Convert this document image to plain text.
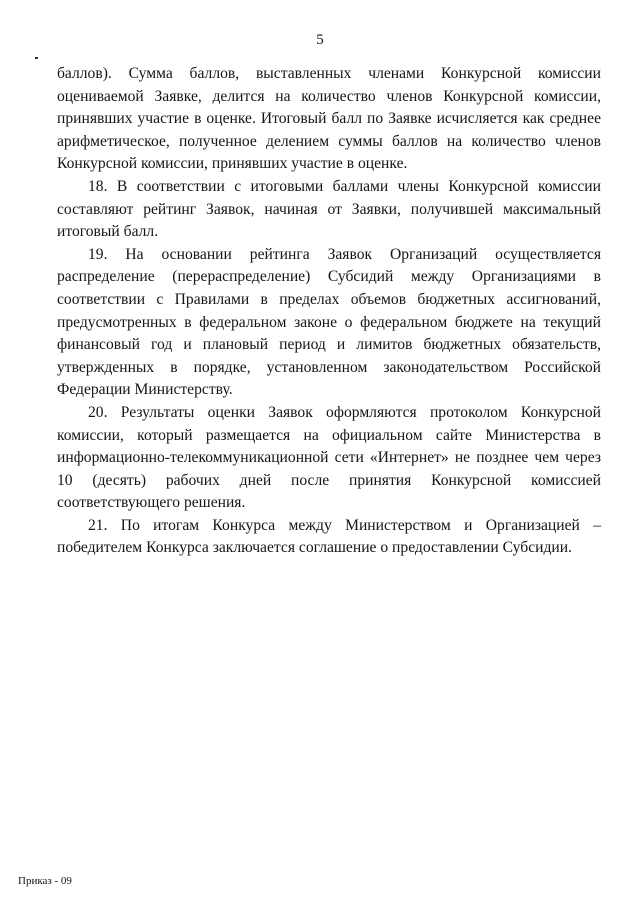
5

баллов). Сумма баллов, выставленных членами Конкурсной комиссии оцениваемой Заявке, делится на количество членов Конкурсной комиссии, принявших участие в оценке. Итоговый балл по Заявке исчисляется как среднее арифметическое, полученное делением суммы баллов на количество членов Конкурсной комиссии, принявших участие в оценке.

18. В соответствии с итоговыми баллами члены Конкурсной комиссии составляют рейтинг Заявок, начиная от Заявки, получившей максимальный итоговый балл.

19. На основании рейтинга Заявок Организаций осуществляется распределение (перераспределение) Субсидий между Организациями в соответствии с Правилами в пределах объемов бюджетных ассигнований, предусмотренных в федеральном законе о федеральном бюджете на текущий финансовый год и плановый период и лимитов бюджетных обязательств, утвержденных в порядке, установленном законодательством Российской Федерации Министерству.

20. Результаты оценки Заявок оформляются протоколом Конкурсной комиссии, который размещается на официальном сайте Министерства в информационно-телекоммуникационной сети «Интернет» не позднее чем через 10 (десять) рабочих дней после принятия Конкурсной комиссией соответствующего решения.

21. По итогам Конкурса между Министерством и Организацией – победителем Конкурса заключается соглашение о предоставлении Субсидии.

Приказ - 09
